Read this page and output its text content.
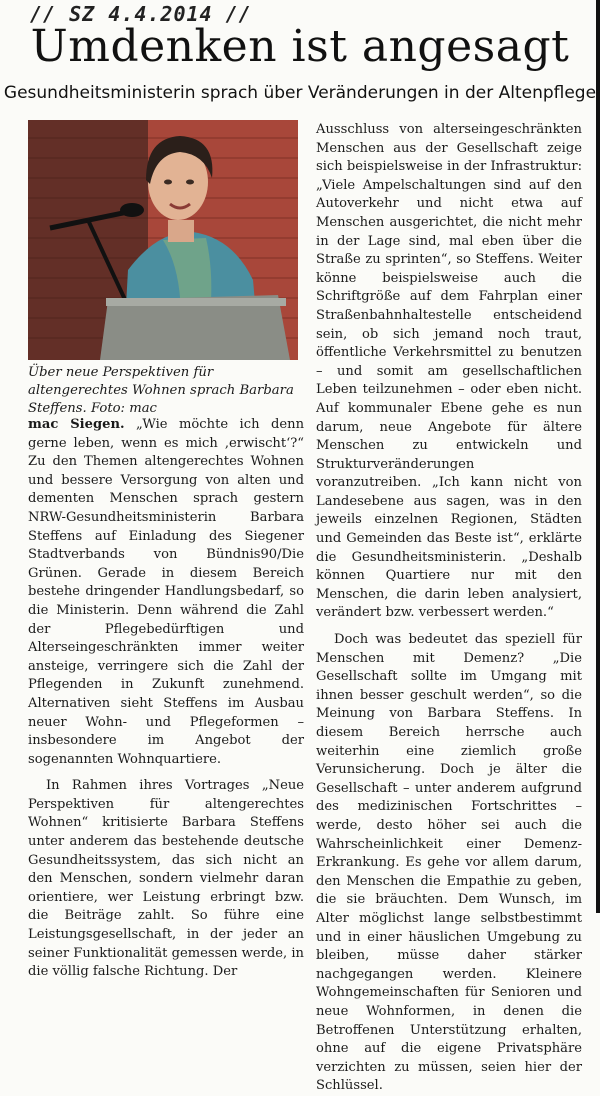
// SZ 4.4.2014 //
Umdenken ist angesagt
Gesundheitsministerin sprach über Veränderungen in der Altenpflege
Über neue Perspektiven für altengerechtes Wohnen sprach Barbara Steffens. Foto: mac

mac Siegen. „Wie möchte ich denn gerne leben, wenn es mich ‚erwischt‘?“ Zu den Themen altengerechtes Wohnen und bessere Versorgung von alten und dementen Menschen sprach gestern NRW-Gesundheitsministerin Barbara Steffens auf Einladung des Siegener Stadtverbands von Bündnis90/Die Grünen. Gerade in diesem Bereich bestehe dringender Handlungsbedarf, so die Ministerin. Denn während die Zahl der Pflegebedürftigen und Alterseingeschränkten immer weiter ansteige, verringere sich die Zahl der Pflegenden in Zukunft zunehmend. Alternativen sieht Steffens im Ausbau neuer Wohn- und Pflegeformen – insbesondere im Angebot der sogenannten Wohnquartiere.

In Rahmen ihres Vortrages „Neue Perspektiven für altengerechtes Wohnen“ kritisierte Barbara Steffens unter anderem das bestehende deutsche Gesundheitssystem, das sich nicht an den Menschen, sondern vielmehr daran orientiere, wer Leistung erbringt bzw. die Beiträge zahlt. So führe eine Leistungsgesellschaft, in der jeder an seiner Funktionalität gemessen werde, in die völlig falsche Richtung. Der

Ausschluss von alterseingeschränkten Menschen aus der Gesellschaft zeige sich beispielsweise in der Infrastruktur: „Viele Ampelschaltungen sind auf den Autoverkehr und nicht etwa auf Menschen ausgerichtet, die nicht mehr in der Lage sind, mal eben über die Straße zu sprinten“, so Steffens. Weiter könne beispielsweise auch die Schriftgröße auf dem Fahrplan einer Straßenbahnhaltestelle entscheidend sein, ob sich jemand noch traut, öffentliche Verkehrsmittel zu benutzen – und somit am gesellschaftlichen Leben teilzunehmen – oder eben nicht. Auf kommunaler Ebene gehe es nun darum, neue Angebote für ältere Menschen zu entwickeln und Strukturveränderungen voranzutreiben. „Ich kann nicht von Landesebene aus sagen, was in den jeweils einzelnen Regionen, Städten und Gemeinden das Beste ist“, erklärte die Gesundheitsministerin. „Deshalb können Quartiere nur mit den Menschen, die darin leben analysiert, verändert bzw. verbessert werden.“

Doch was bedeutet das speziell für Menschen mit Demenz? „Die Gesellschaft sollte im Umgang mit ihnen besser geschult werden“, so die Meinung von Barbara Steffens. In diesem Bereich herrsche auch weiterhin eine ziemlich große Verunsicherung. Doch je älter die Gesellschaft – unter anderem aufgrund des medizinischen Fortschrittes – werde, desto höher sei auch die Wahrscheinlichkeit einer Demenz-Erkrankung. Es gehe vor allem darum, den Menschen die Empathie zu geben, die sie bräuchten. Dem Wunsch, im Alter möglichst lange selbstbestimmt und in einer häuslichen Umgebung zu bleiben, müsse daher stärker nachgegangen werden. Kleinere Wohngemeinschaften für Senioren und neue Wohnformen, in denen die Betroffenen Unterstützung erhalten, ohne auf die eigene Privatsphäre verzichten zu müssen, seien hier der Schlüssel.
